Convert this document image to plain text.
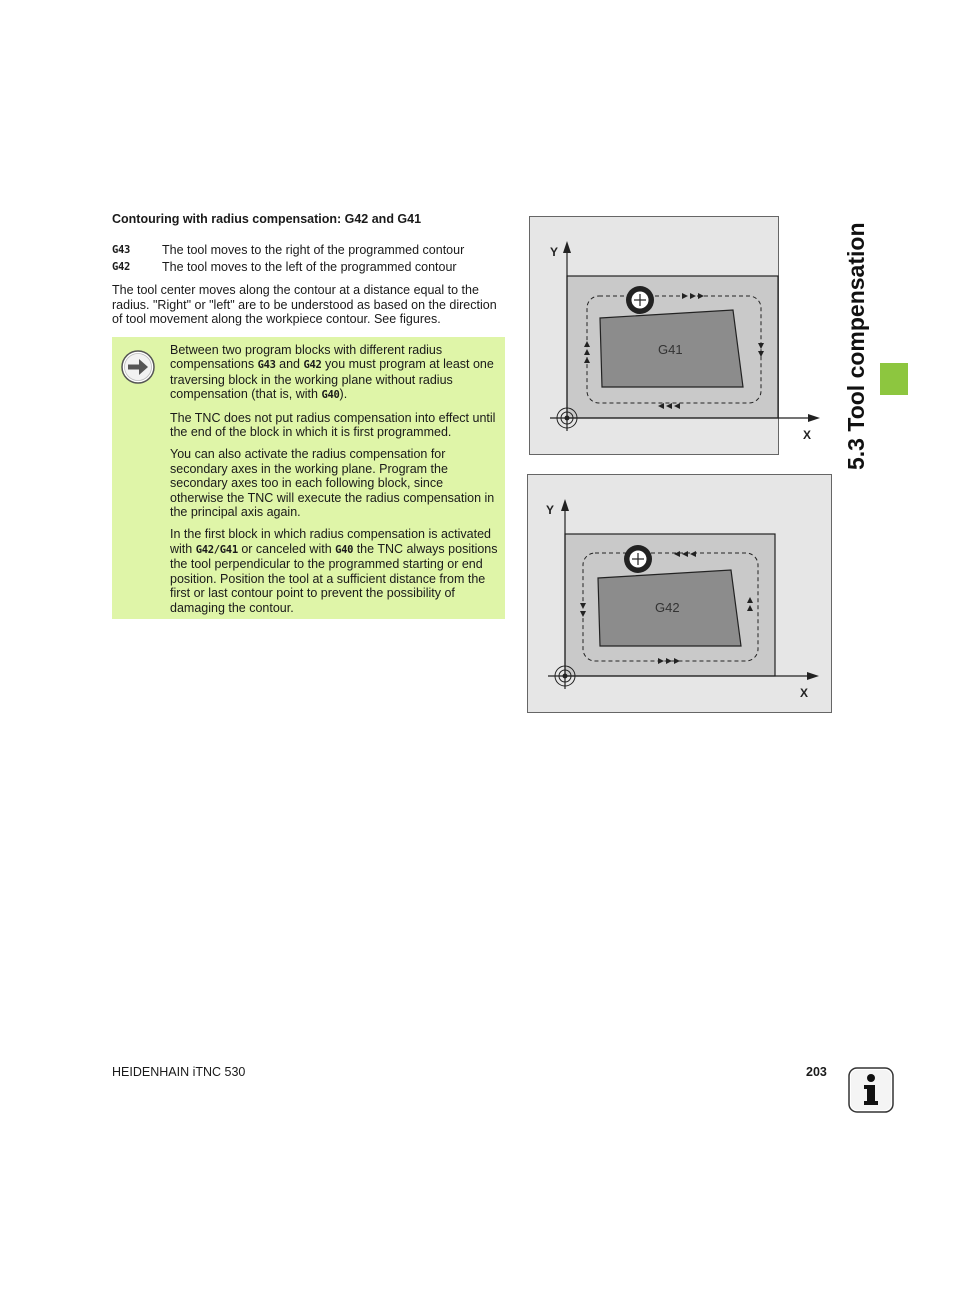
Contouring with radius compensation: G42 and G41
G43	The tool moves to the right of the programmed contour
G42	The tool moves to the left of the programmed contour
The tool center moves along the contour at a distance equal to the radius. "Right" or "left" are to be understood as based on the direction of tool movement along the workpiece contour. See figures.

Between two program blocks with different radius compensations G43 and G42 you must program at least one traversing block in the working plane without radius compensation (that is, with G40).

The TNC does not put radius compensation into effect until the end of the block in which it is first programmed.

You can also activate the radius compensation for secondary axes in the working plane. Program the secondary axes too in each following block, since otherwise the TNC will execute the radius compensation in the principal axis again.

In the first block in which radius compensation is activated with G42/G41 or canceled with G40 the TNC always positions the tool perpendicular to the programmed starting or end position. Position the tool at a sufficient distance from the first or last contour point to prevent the possibility of damaging the contour.

G41
Y
X
G42
Y
X
5.3 Tool compensation
HEIDENHAIN iTNC 530	203
